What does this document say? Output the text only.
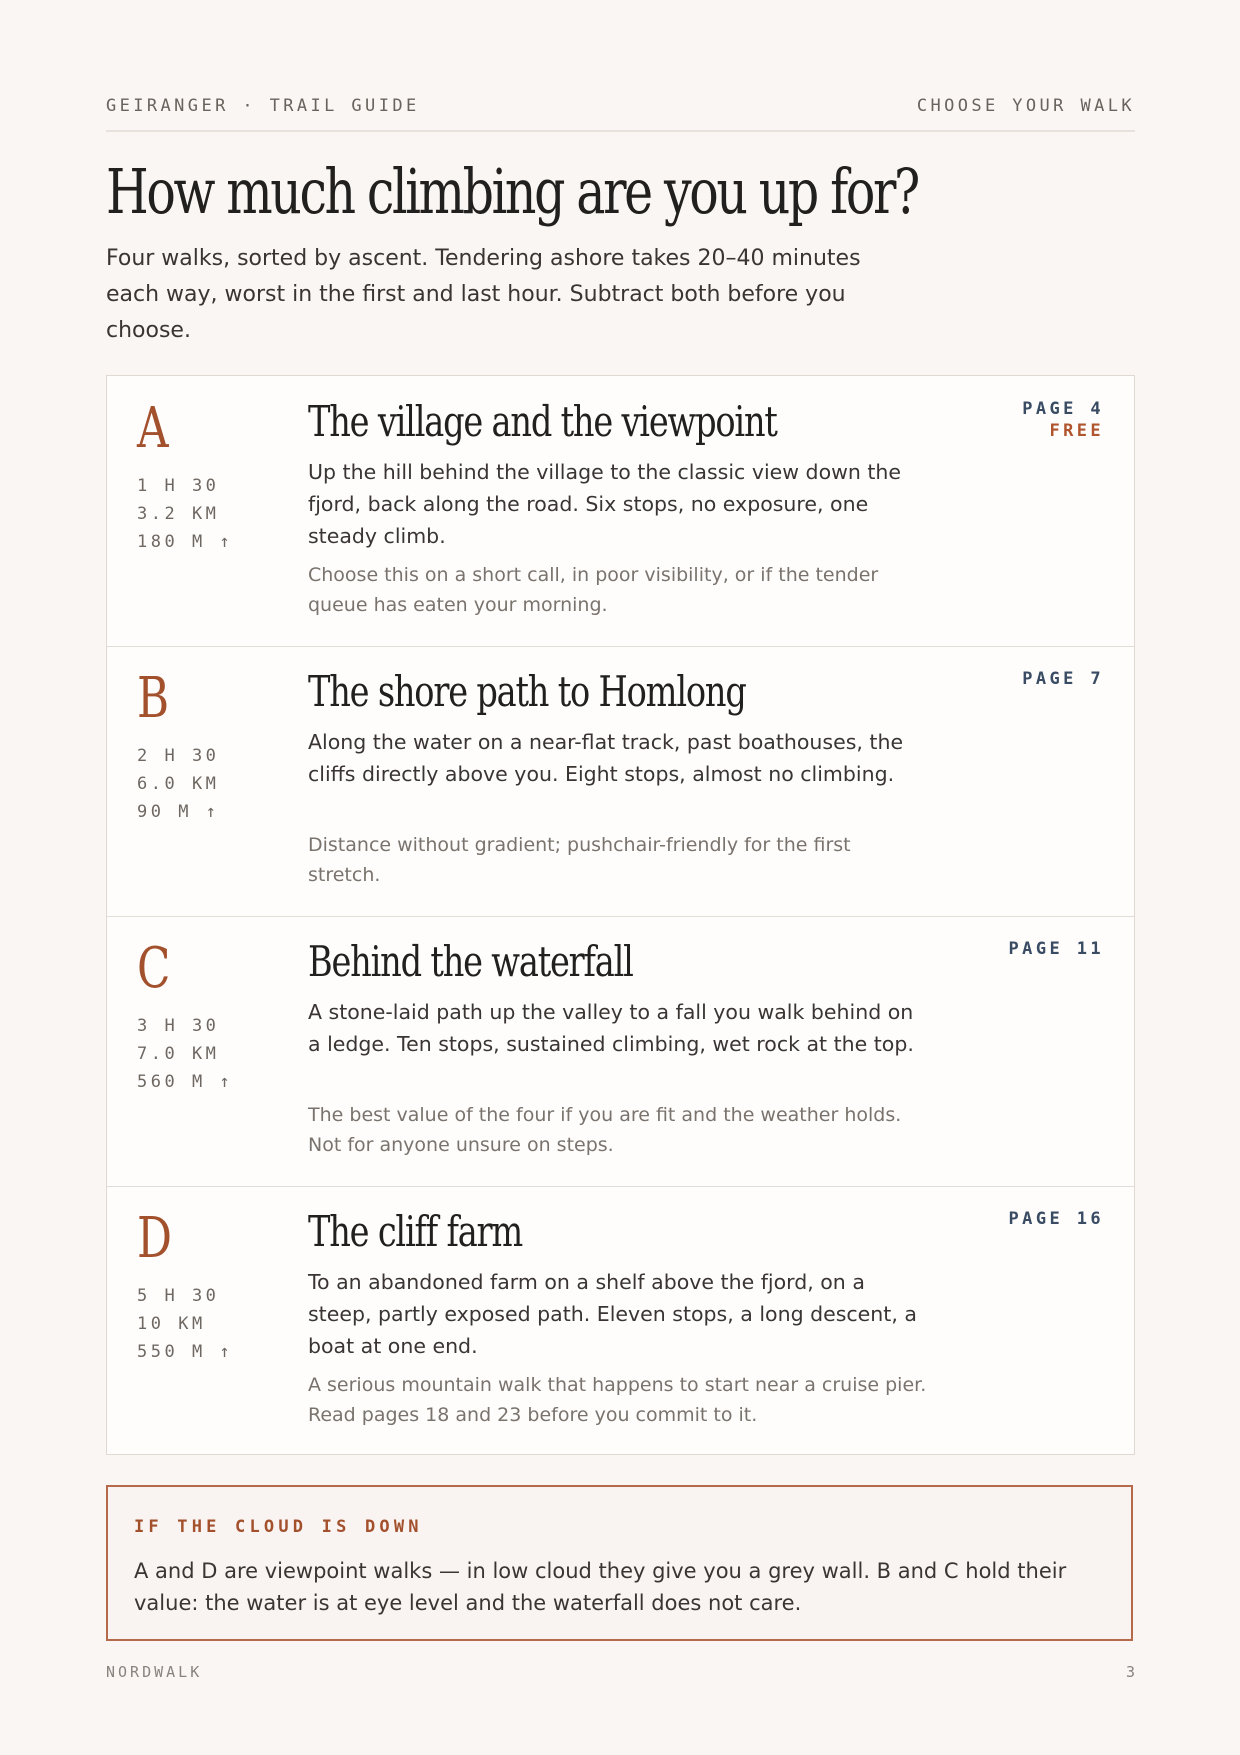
GEIRANGER · TRAIL GUIDE	CHOOSE YOUR WALK
How much climbing are you up for?

Four walks, sorted by ascent. Tendering ashore takes 20–40 minutes each way, worst in the first and last hour. Subtract both before you choose.

A
1 H 30
3.2 KM
180 M ↑
The village and the viewpoint

Up the hill behind the village to the classic view down the fjord, back along the road. Six stops, no exposure, one steady climb.

Choose this on a short call, in poor visibility, or if the tender queue has eaten your morning.

PAGE 4
FREE
B
2 H 30
6.0 KM
90 M ↑
The shore path to Homlong

Along the water on a near-flat track, past boathouses, the cliffs directly above you. Eight stops, almost no climbing.

Distance without gradient; pushchair-friendly for the first stretch.

PAGE 7
C
3 H 30
7.0 KM
560 M ↑
Behind the waterfall

A stone-laid path up the valley to a fall you walk behind on a ledge. Ten stops, sustained climbing, wet rock at the top.

The best value of the four if you are fit and the weather holds. Not for anyone unsure on steps.

PAGE 11
D
5 H 30
10 KM
550 M ↑
The cliff farm

To an abandoned farm on a shelf above the fjord, on a steep, partly exposed path. Eleven stops, a long descent, a boat at one end.

A serious mountain walk that happens to start near a cruise pier. Read pages 18 and 23 before you commit to it.

PAGE 16
IF THE CLOUD IS DOWN

A and D are viewpoint walks — in low cloud they give you a grey wall. B and C hold their value: the water is at eye level and the waterfall does not care.

NORDWALK	3
